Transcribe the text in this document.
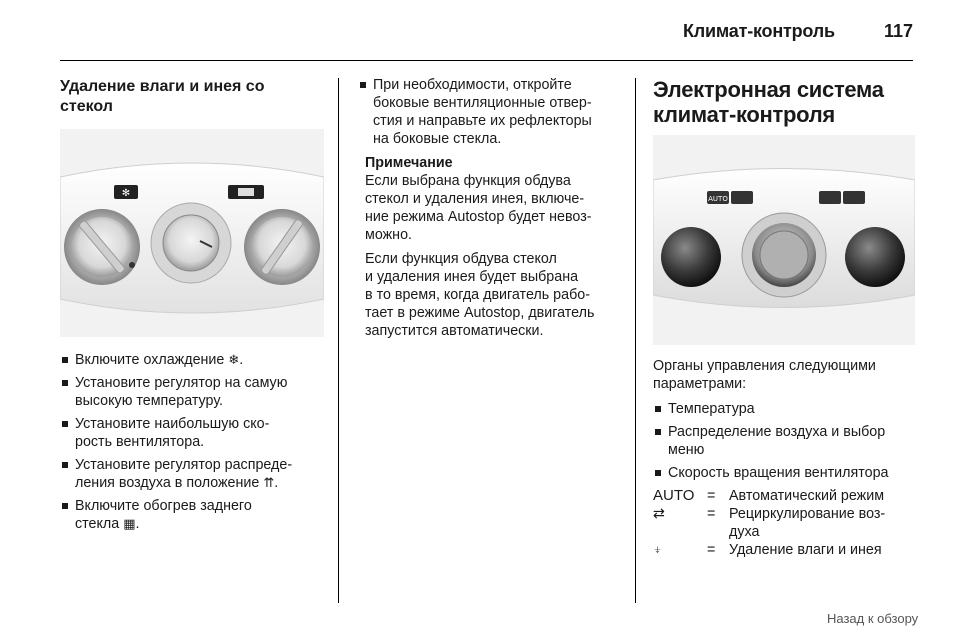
Климат-контроль	117
Удаление влаги и инея со
стекол
✻
Включите охлаждение ❄.
Установите регулятор на самую
высокую температуру.
Установите наибольшую ско-
рость вентилятора.
Установите регулятор распреде-
ления воздуха в положение ⇈.
Включите обогрев заднего
стекла ▦.
При необходимости, откройте
боковые вентиляционные отвер-
стия и направьте их рефлекторы
на боковые стекла.
Примечание

Если выбрана функция обдува
стекол и удаления инея, включе-
ние режима Autostop будет невоз-
можно.

Если функция обдува стекол
и удаления инея будет выбрана
в то время, когда двигатель рабо-
тает в режиме Autostop, двигатель
запустится автоматически.

Электронная система
климат-контроля
AUTO

Органы управления следующими
параметрами:

Температура
Распределение воздуха и выбор
меню
Скорость вращения вентилятора
AUTO = Автоматический режим
⇄	= Рециркулирование воз-
духа
⍖	= Удаление влаги и инея
Назад к обзору
